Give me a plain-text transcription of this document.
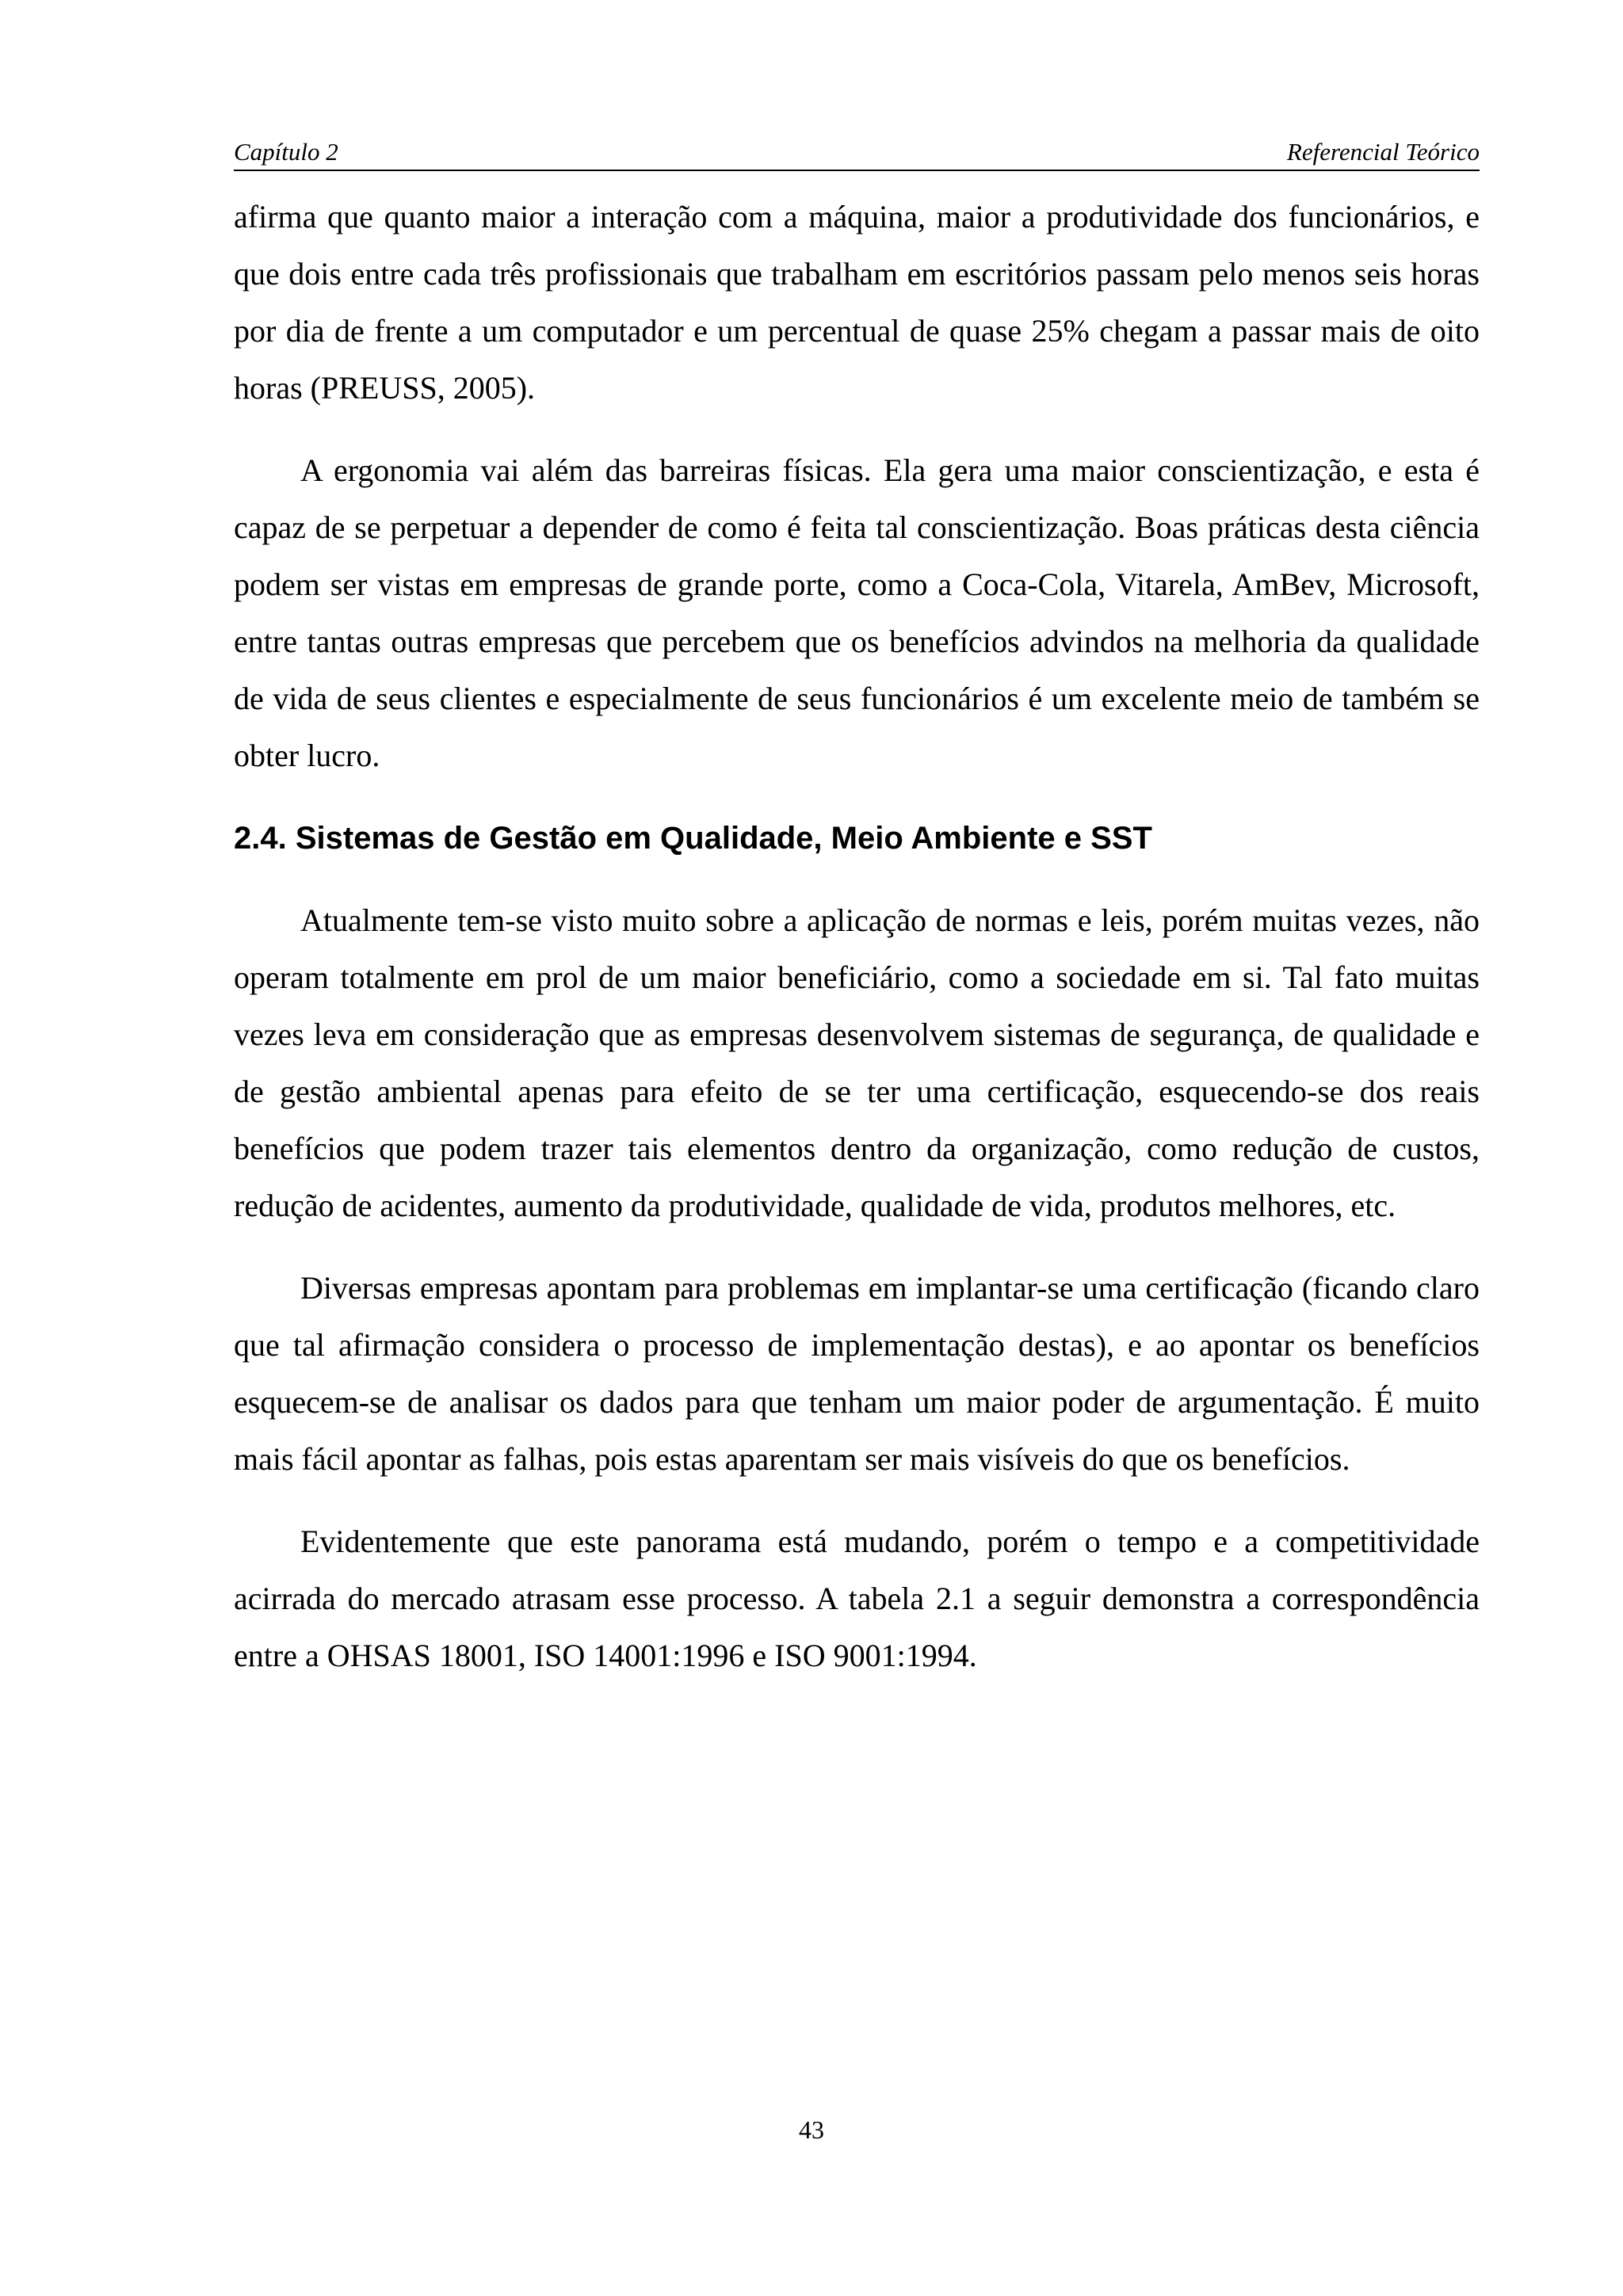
Capítulo 2	Referencial Teórico

afirma que quanto maior a interação com a máquina, maior a produtividade dos funcionários, e que dois entre cada três profissionais que trabalham em escritórios passam pelo menos seis horas por dia de frente a um computador e um percentual de quase 25% chegam a passar mais de oito horas (PREUSS, 2005).

A ergonomia vai além das barreiras físicas. Ela gera uma maior conscientização, e esta é capaz de se perpetuar a depender de como é feita tal conscientização. Boas práticas desta ciência podem ser vistas em empresas de grande porte, como a Coca-Cola, Vitarela, AmBev, Microsoft, entre tantas outras empresas que percebem que os benefícios advindos na melhoria da qualidade de vida de seus clientes e especialmente de seus funcionários é um excelente meio de também se obter lucro.

2.4. Sistemas de Gestão em Qualidade, Meio Ambiente e SST

Atualmente tem-se visto muito sobre a aplicação de normas e leis, porém muitas vezes, não operam totalmente em prol de um maior beneficiário, como a sociedade em si. Tal fato muitas vezes leva em consideração que as empresas desenvolvem sistemas de segurança, de qualidade e de gestão ambiental apenas para efeito de se ter uma certificação, esquecendo-se dos reais benefícios que podem trazer tais elementos dentro da organização, como redução de custos, redução de acidentes, aumento da produtividade, qualidade de vida, produtos melhores, etc.

Diversas empresas apontam para problemas em implantar-se uma certificação (ficando claro que tal afirmação considera o processo de implementação destas), e ao apontar os benefícios esquecem-se de analisar os dados para que tenham um maior poder de argumentação. É muito mais fácil apontar as falhas, pois estas aparentam ser mais visíveis do que os benefícios.

Evidentemente que este panorama está mudando, porém o tempo e a competitividade acirrada do mercado atrasam esse processo. A tabela 2.1 a seguir demonstra a correspondência entre a OHSAS 18001, ISO 14001:1996 e ISO 9001:1994.

43
